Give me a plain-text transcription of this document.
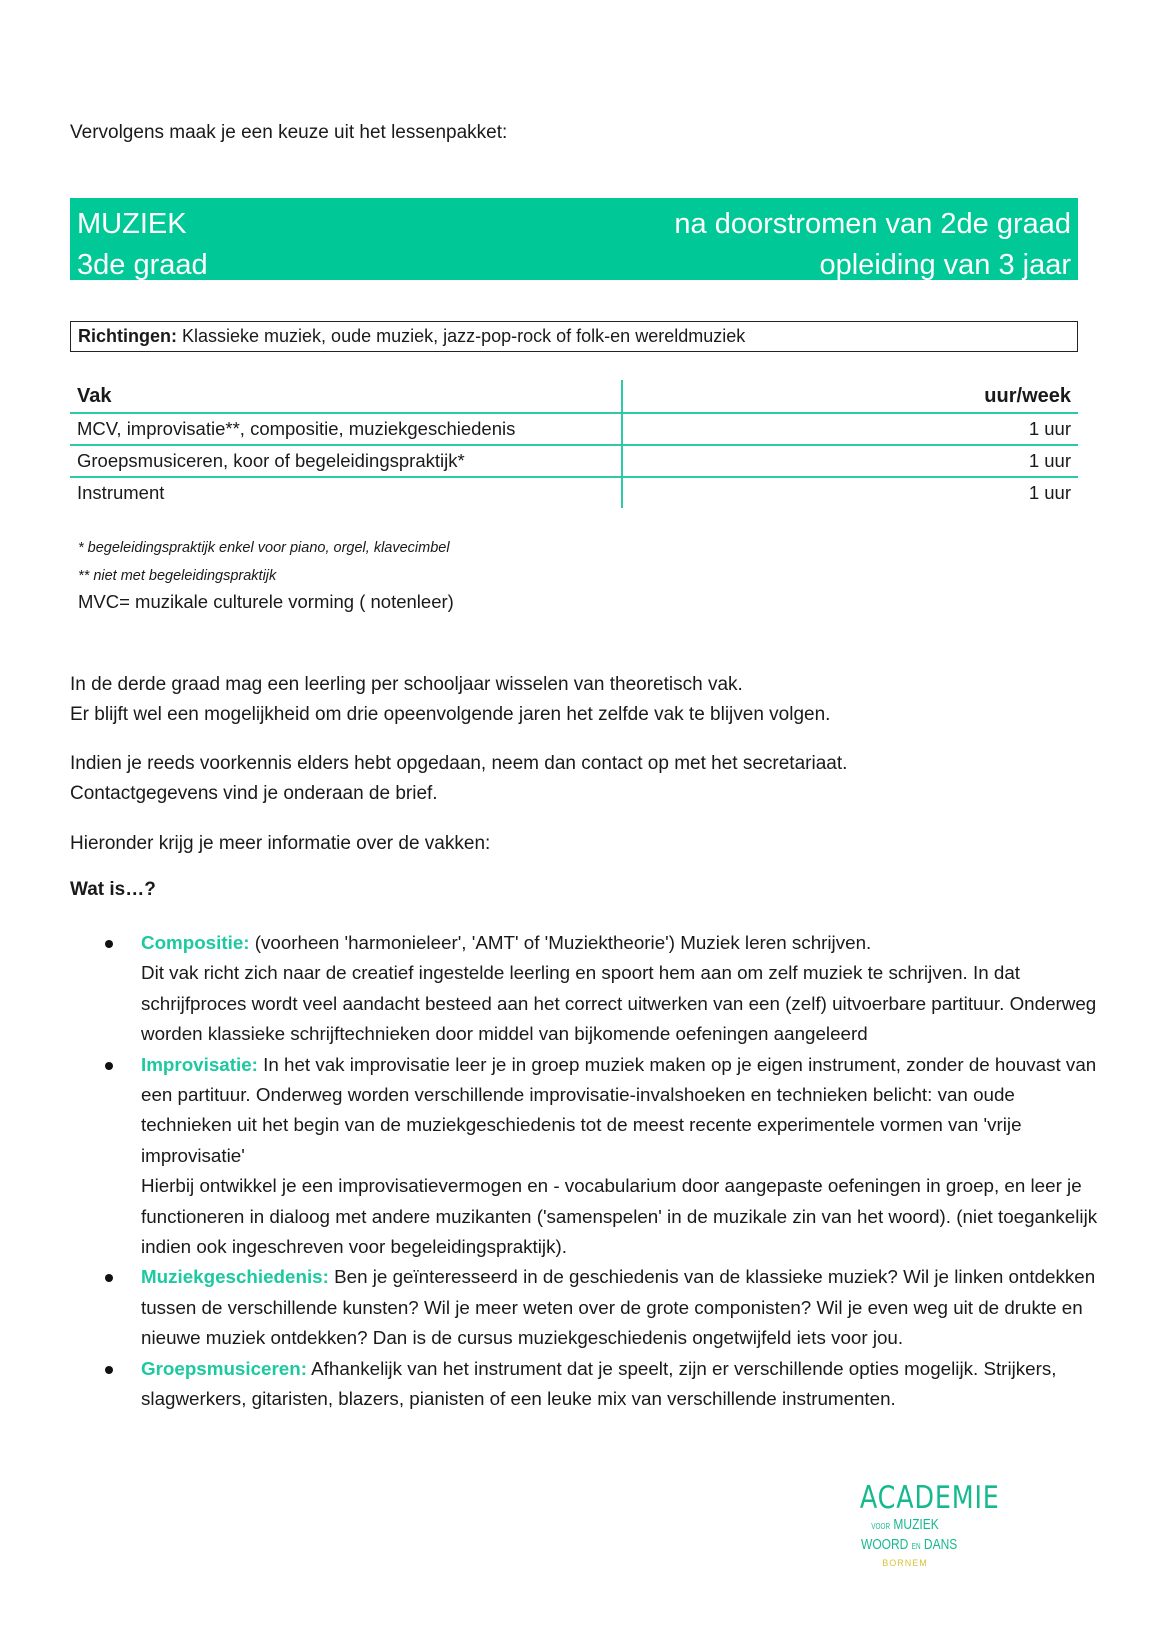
Vervolgens maak je een keuze uit het lessenpakket:
MUZIEK
3de graad
na doorstromen van 2de graad
opleiding van 3 jaar
Richtingen: Klassieke muziek, oude muziek, jazz-pop-rock of folk-en wereldmuziek
Vak	uur/week
MCV, improvisatie**, compositie, muziekgeschiedenis	1 uur
Groepsmusiceren, koor of begeleidingspraktijk*	1 uur
Instrument	1 uur
* begeleidingspraktijk enkel voor piano, orgel, klavecimbel
** niet met begeleidingspraktijk
MVC= muzikale culturele vorming ( notenleer)
In de derde graad mag een leerling per schooljaar wisselen van theoretisch vak.
Er blijft wel een mogelijkheid om drie opeenvolgende jaren het zelfde vak te blijven volgen.
Indien je reeds voorkennis elders hebt opgedaan, neem dan contact op met het secretariaat.
Contactgegevens vind je onderaan de brief.
Hieronder krijg je meer informatie over de vakken:
Wat is…?
Compositie: (voorheen 'harmonieleer', 'AMT' of 'Muziektheorie') Muziek leren schrijven.
Dit vak richt zich naar de creatief ingestelde leerling en spoort hem aan om zelf muziek te schrijven. In dat schrijfproces wordt veel aandacht besteed aan het correct uitwerken van een (zelf) uitvoerbare partituur. Onderweg worden klassieke schrijftechnieken door middel van bijkomende oefeningen aangeleerd
Improvisatie: In het vak improvisatie leer je in groep muziek maken op je eigen instrument, zonder de houvast van een partituur. Onderweg worden verschillende improvisatie-invalshoeken en technieken belicht: van oude technieken uit het begin van de muziekgeschiedenis tot de meest recente experimentele vormen van 'vrije improvisatie'
Hierbij ontwikkel je een improvisatievermogen en - vocabularium door aangepaste oefeningen in groep, en leer je functioneren in dialoog met andere muzikanten ('samenspelen' in de muzikale zin van het woord). (niet toegankelijk indien ook ingeschreven voor begeleidingspraktijk).
Muziekgeschiedenis: Ben je geïnteresseerd in de geschiedenis van de klassieke muziek? Wil je linken ontdekken tussen de verschillende kunsten? Wil je meer weten over de grote componisten? Wil je even weg uit de drukte en nieuwe muziek ontdekken? Dan is de cursus muziekgeschiedenis ongetwijfeld iets voor jou.
Groepsmusiceren: Afhankelijk van het instrument dat je speelt, zijn er verschillende opties mogelijk. Strijkers, slagwerkers, gitaristen, blazers, pianisten of een leuke mix van verschillende instrumenten.
ACADEMIE
VOOR MUZIEK
WOORD EN DANS
BORNEM
